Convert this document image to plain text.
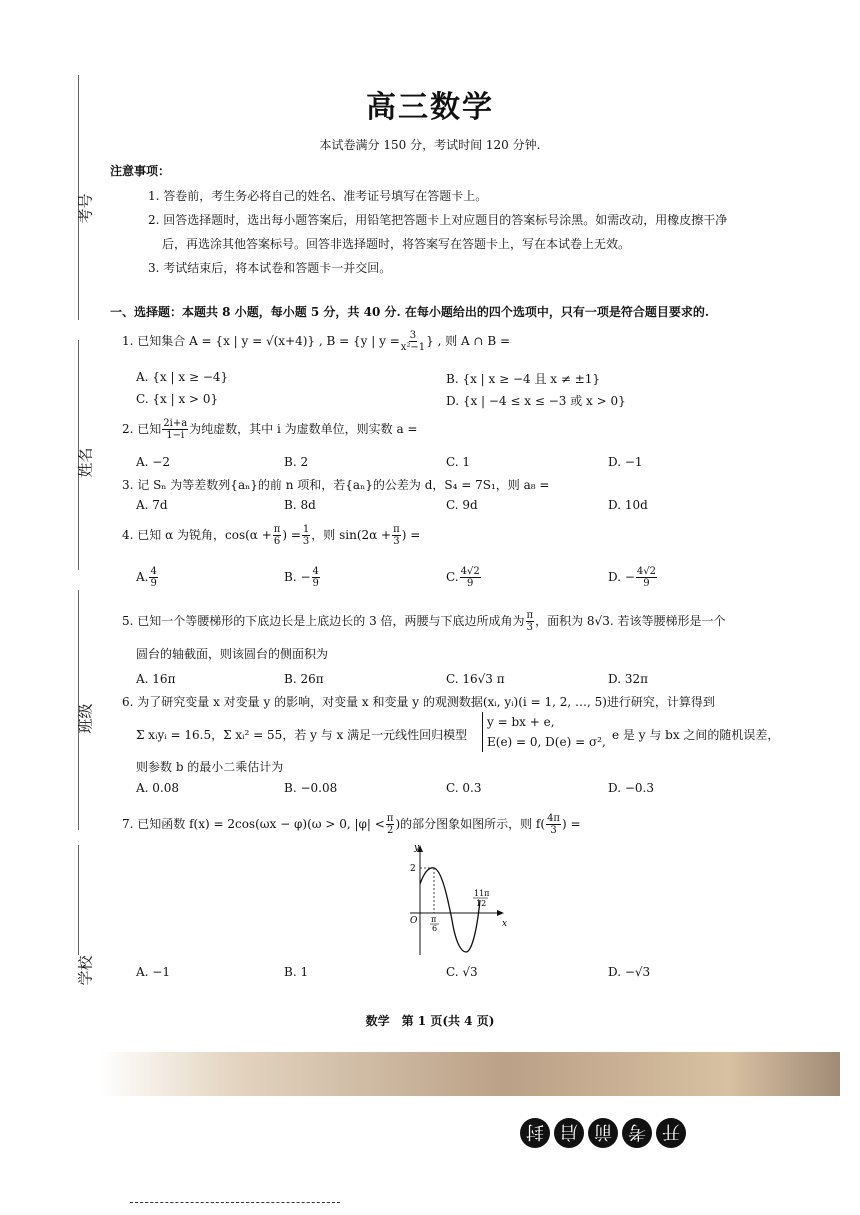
考号
姓名
班级
学校
高三数学
本试卷满分 150 分，考试时间 120 分钟.
注意事项：
1. 答卷前，考生务必将自己的姓名、准考证号填写在答题卡上。
2. 回答选择题时，选出每小题答案后，用铅笔把答题卡上对应题目的答案标号涂黑。如需改动，用橡皮擦干净
后，再选涂其他答案标号。回答非选择题时，将答案写在答题卡上，写在本试卷上无效。
3. 考试结束后，将本试卷和答题卡一并交回。
一、选择题：本题共 8 小题，每小题 5 分，共 40 分. 在每小题给出的四个选项中，只有一项是符合题目要求的.
1. 已知集合 A = {x | y = √(x+4)} , B = {y | $y = \frac{3}{\text{x²−1}}$ } , 则 A ∩ B =
A. {x | x ≥ −4}	B. {x | x ≥ −4 且 x ≠ ±1}
C. {x | x > 0}	D. {x | −4 ≤ x ≤ −3 或 x > 0}
2. 已知 $\frac{2i+a}{1-i}$ 为纯虚数，其中 i 为虚数单位，则实数 a =
A. −2	B. 2	C. 1	D. −1
3. 记 Sₙ 为等差数列{aₙ}的前 n 项和，若{aₙ}的公差为 d，S₄ = 7S₁，则 a₈ =
A. 7d	B. 8d	C. 9d	D. 10d
4. 已知 α 为锐角，$\cos(\alpha + \frac{\pi}{6}$ ) = $\frac{1}{3}$ ，则 $\sin(2\alpha + \frac{\pi}{3}$ ) =
A. $\frac{4}{9}$	B. − $\frac{4}{9}$	C. $\frac{4√2}{9}$	D. − $\frac{4√2}{9}$
5. 已知一个等腰梯形的下底边长是上底边长的 3 倍，两腰与下底边所成角为 $\frac{\pi}{3}$ ，面积为 8√3. 若该等腰梯形是一个
圆台的轴截面，则该圆台的侧面积为
A. 16π	B. 26π	C. 16√3 π	D. 32π
6. 为了研究变量 x 对变量 y 的影响，对变量 x 和变量 y 的观测数据(xᵢ, yᵢ)(i = 1, 2, …, 5)进行研究，计算得到
Σ xᵢyᵢ = 16.5，Σ xᵢ² = 55，若 y 与 x 满足一元线性回归模型
y = bx + e,
E(e) = 0, D(e) = σ², e 是 y 与 bx 之间的随机误差，
则参数 b 的最小二乘估计为
A. 0.08	B. −0.08	C. 0.3	D. −0.3
7. 已知函数 f(x) = 2cos(ωx − φ)(ω > 0, $|\varphi| < \frac{\pi}{2}$ )的部分图象如图所示，则 $f( \frac{4\pi}{3}$ ) =
y
x
O
2
π
6
11π
12
A. −1	B. 1	C. √3	D. −√3
数学　第 1 页(共 4 页)
封 启 前 考 开
